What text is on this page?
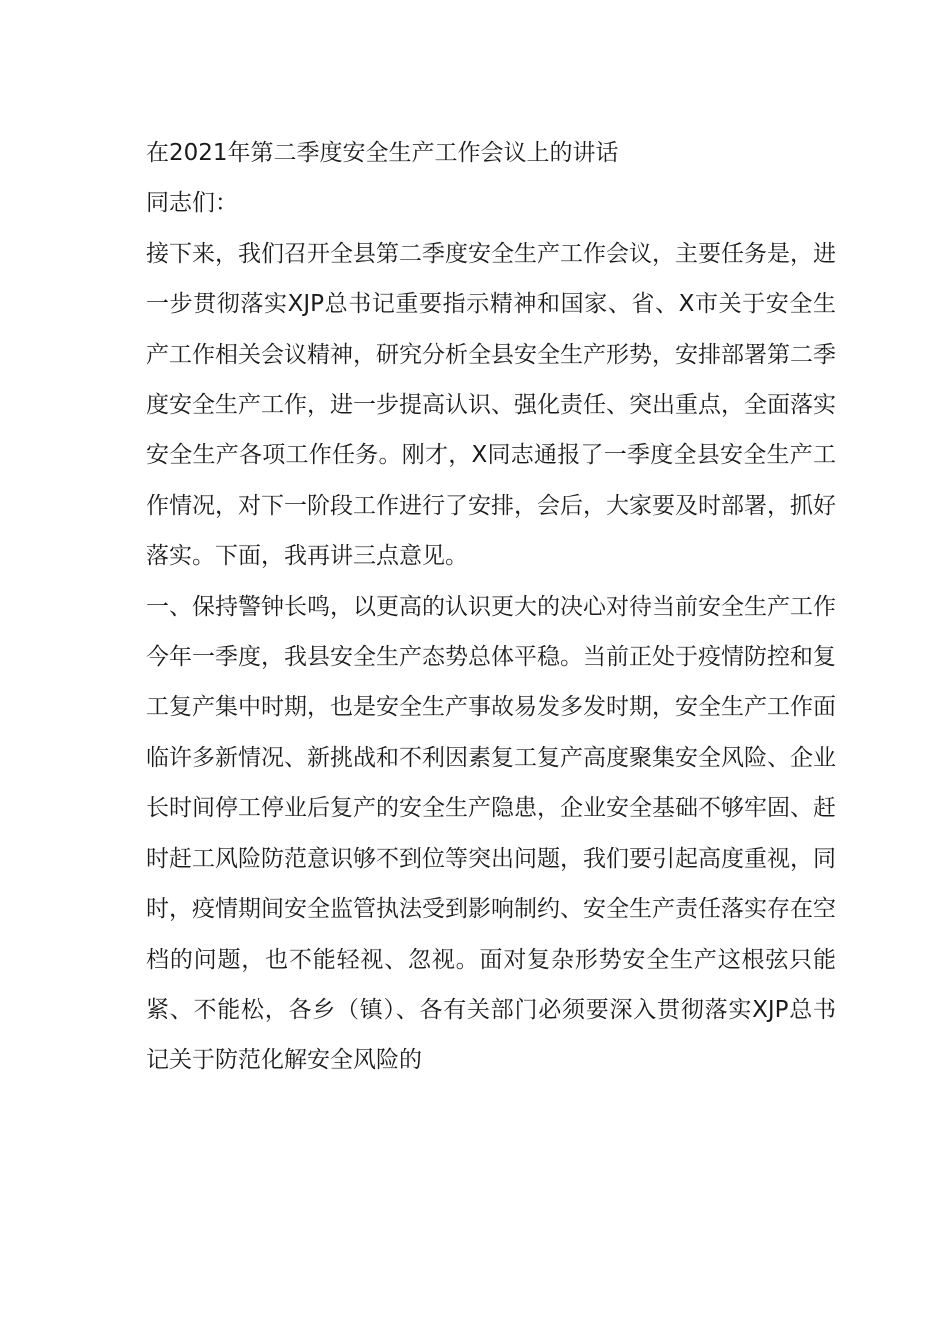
在2021年第二季度安全生产工作会议上的讲话

同志们：

接下来，我们召开全县第二季度安全生产工作会议，主要任务是，进一步贯彻落实XJP总书记重要指示精神和国家、省、X市关于安全生产工作相关会议精神，研究分析全县安全生产形势，安排部署第二季度安全生产工作，进一步提高认识、强化责任、突出重点，全面落实安全生产各项工作任务。刚才，X同志通报了一季度全县安全生产工作情况，对下一阶段工作进行了安排，会后，大家要及时部署，抓好落实。下面，我再讲三点意见。

一、保持警钟长鸣，以更高的认识更大的决心对待当前安全生产工作

今年一季度，我县安全生产态势总体平稳。当前正处于疫情防控和复工复产集中时期，也是安全生产事故易发多发时期，安全生产工作面临许多新情况、新挑战和不利因素复工复产高度聚集安全风险、企业长时间停工停业后复产的安全生产隐患，企业安全基础不够牢固、赶时赶工风险防范意识够不到位等突出问题，我们要引起高度重视，同时，疫情期间安全监管执法受到影响制约、安全生产责任落实存在空档的问题，也不能轻视、忽视。面对复杂形势安全生产这根弦只能紧、不能松，各乡（镇）、各有关部门必须要深入贯彻落实XJP总书记关于防范化解安全风险的
